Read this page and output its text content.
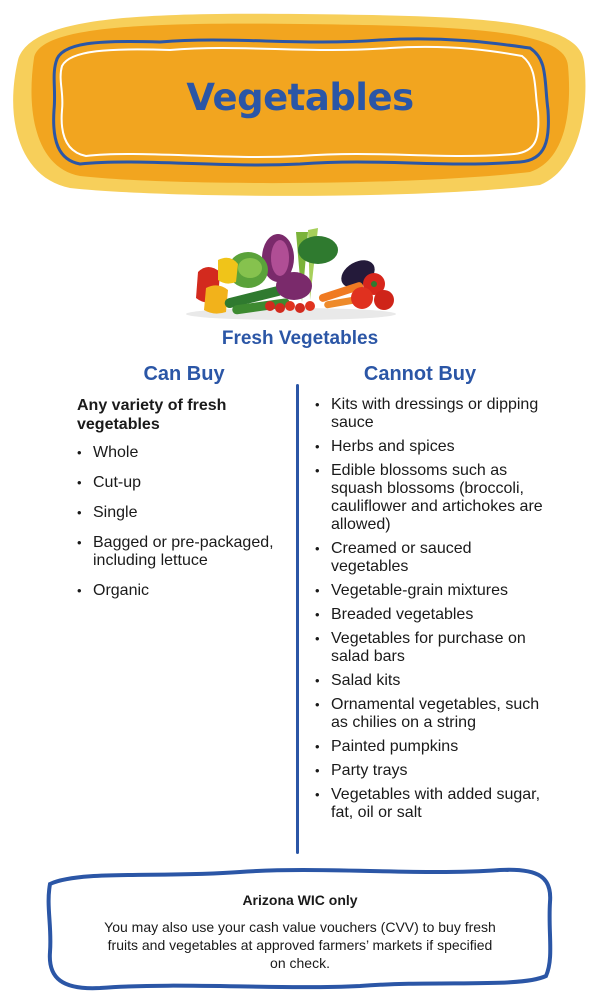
Vegetables
Fresh Vegetables
Can Buy	Cannot Buy
Any variety of fresh vegetables
• Whole
• Cut-up
• Single
• Bagged or pre-packaged, including lettuce
• Organic
• Kits with dressings or dipping sauce
• Herbs and spices
• Edible blossoms such as squash blossoms (broccoli, cauliflower and artichokes are allowed)
• Creamed or sauced vegetables
• Vegetable-grain mixtures
• Breaded vegetables
• Vegetables for purchase on salad bars
• Salad kits
• Ornamental vegetables, such as chilies on a string
• Painted pumpkins
• Party trays
• Vegetables with added sugar, fat, oil or salt
Arizona WIC only
You may also use your cash value vouchers (CVV) to buy fresh fruits and vegetables at approved farmers’ markets if specified on check.
